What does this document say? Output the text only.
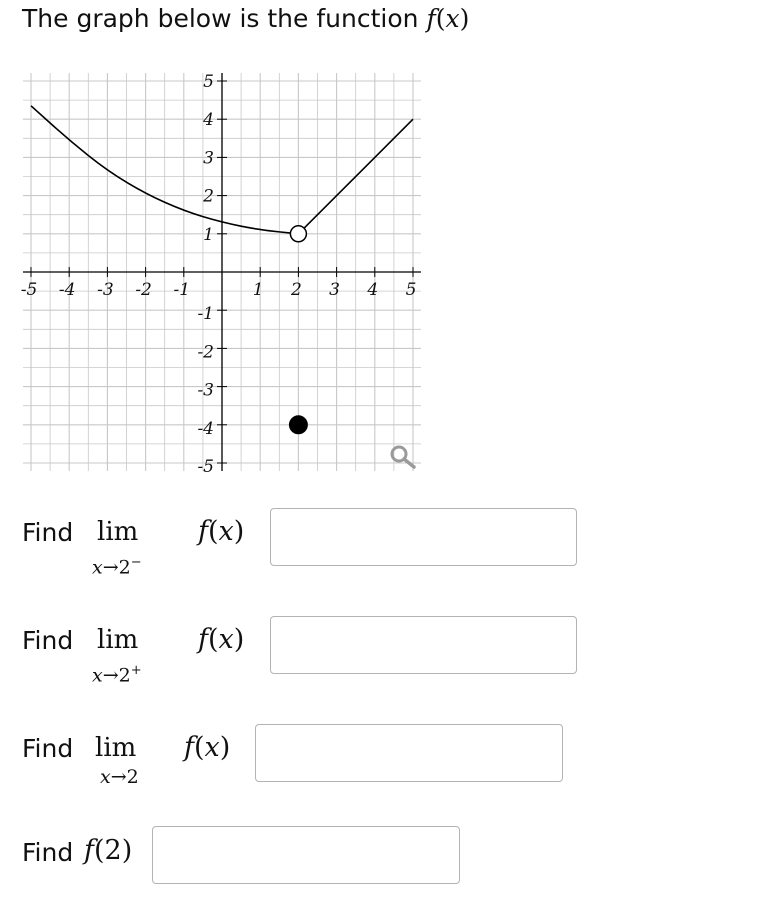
The graph below is the function f(x)
-5 -4 -3 -2 -1	1 2 3 4 5
5
4
3
2
1
-1
-2
-3
-4
-5
Find lim
x→2−
f(x)
Find lim
x→2+
f(x)
Find lim
x→2
f(x)
Find f(2)
